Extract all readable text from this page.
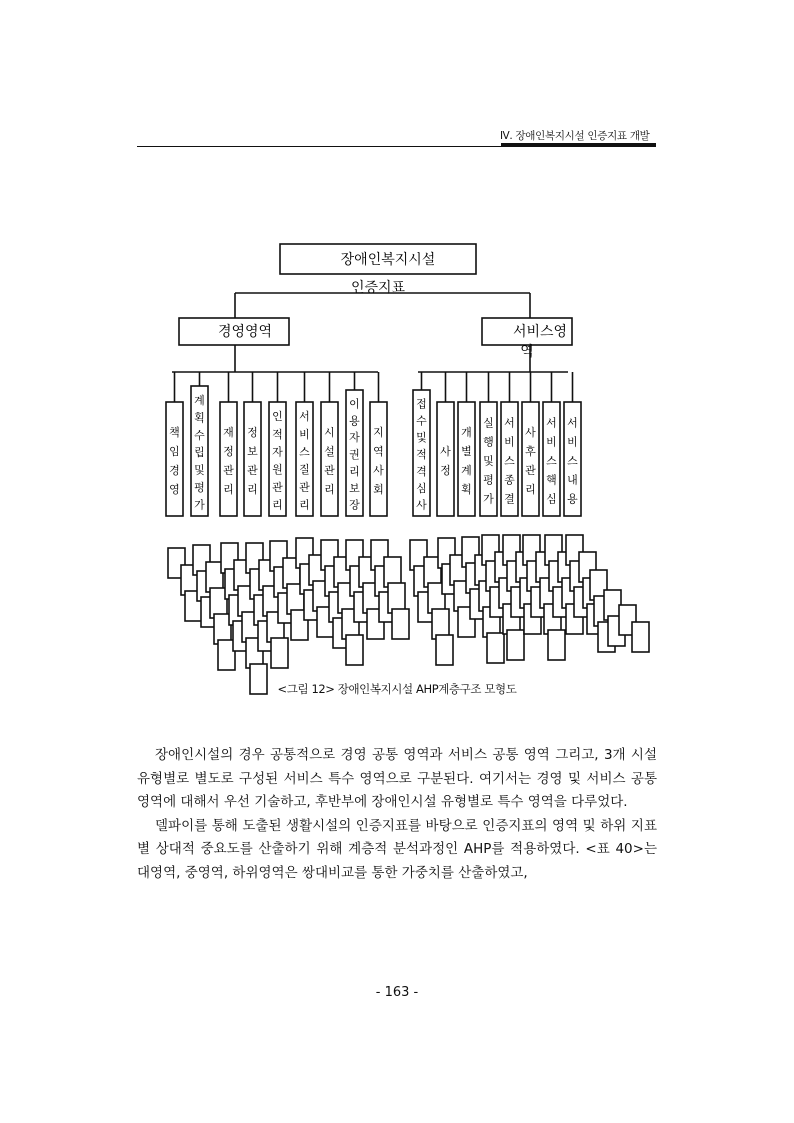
Ⅳ. 장애인복지시설 인증지표 개발
장애인복지시설
인증지표
경영영역	서비스영
역
책
임
경
영
계
획
수
립
및
평
가
재
정
관
리
정
보
관
리
인
적
자
원
관
리
서
비
스
질
관
리
시
설
관
리
이
용
자
권
리
보
장
지
역
사
회
접
수
및
적
격
심
사
사
정
개
별
계
획
실
행
및
평
가
서
비
스
종
결
사
후
관
리
서
비
스
핵
심
서
비
스
내
용
<그림 12> 장애인복지시설 AHP계층구조 모형도

장애인시설의 경우 공통적으로 경영 공통 영역과 서비스 공통 영역 그리고, 3개 시설 유형별로 별도로 구성된 서비스 특수 영역으로 구분된다. 여기서는 경영 및 서비스 공통 영역에 대해서 우선 기술하고, 후반부에 장애인시설 유형별로 특수 영역을 다루었다.

델파이를 통해 도출된 생활시설의 인증지표를 바탕으로 인증지표의 영역 및 하위 지표별 상대적 중요도를 산출하기 위해 계층적 분석과정인 AHP를 적용하였다. <표 40>는 대영역, 중영역, 하위영역은 쌍대비교를 통한 가중치를 산출하였고,

- 163 -
